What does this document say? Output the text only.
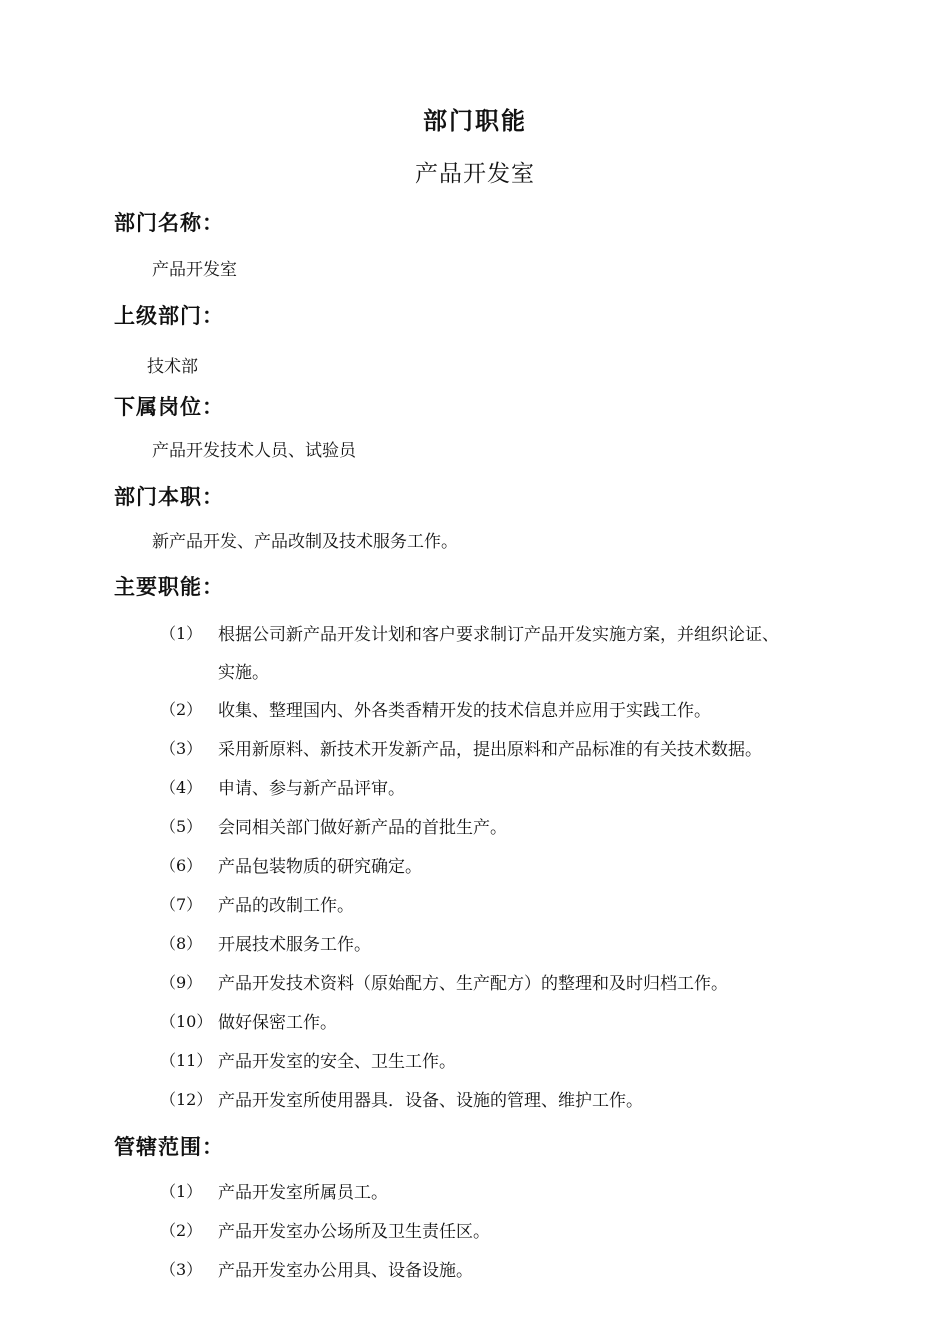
部门职能
产品开发室
部门名称：
产品开发室
上级部门：
技术部
下属岗位：
产品开发技术人员、试验员
部门本职：
新产品开发、产品改制及技术服务工作。
主要职能：
（1） 根据公司新产品开发计划和客户要求制订产品开发实施方案，并组织论证、
实施。
（2） 收集、整理国内、外各类香精开发的技术信息并应用于实践工作。
（3） 采用新原料、新技术开发新产品，提出原料和产品标准的有关技术数据。
（4） 申请、参与新产品评审。
（5） 会同相关部门做好新产品的首批生产。
（6） 产品包装物质的研究确定。
（7） 产品的改制工作。
（8） 开展技术服务工作。
（9） 产品开发技术资料（原始配方、生产配方）的整理和及时归档工作。
（10） 做好保密工作。
（11） 产品开发室的安全、卫生工作。
（12） 产品开发室所使用器具．设备、设施的管理、维护工作。
管辖范围：
（1） 产品开发室所属员工。
（2） 产品开发室办公场所及卫生责任区。
（3） 产品开发室办公用具、设备设施。
